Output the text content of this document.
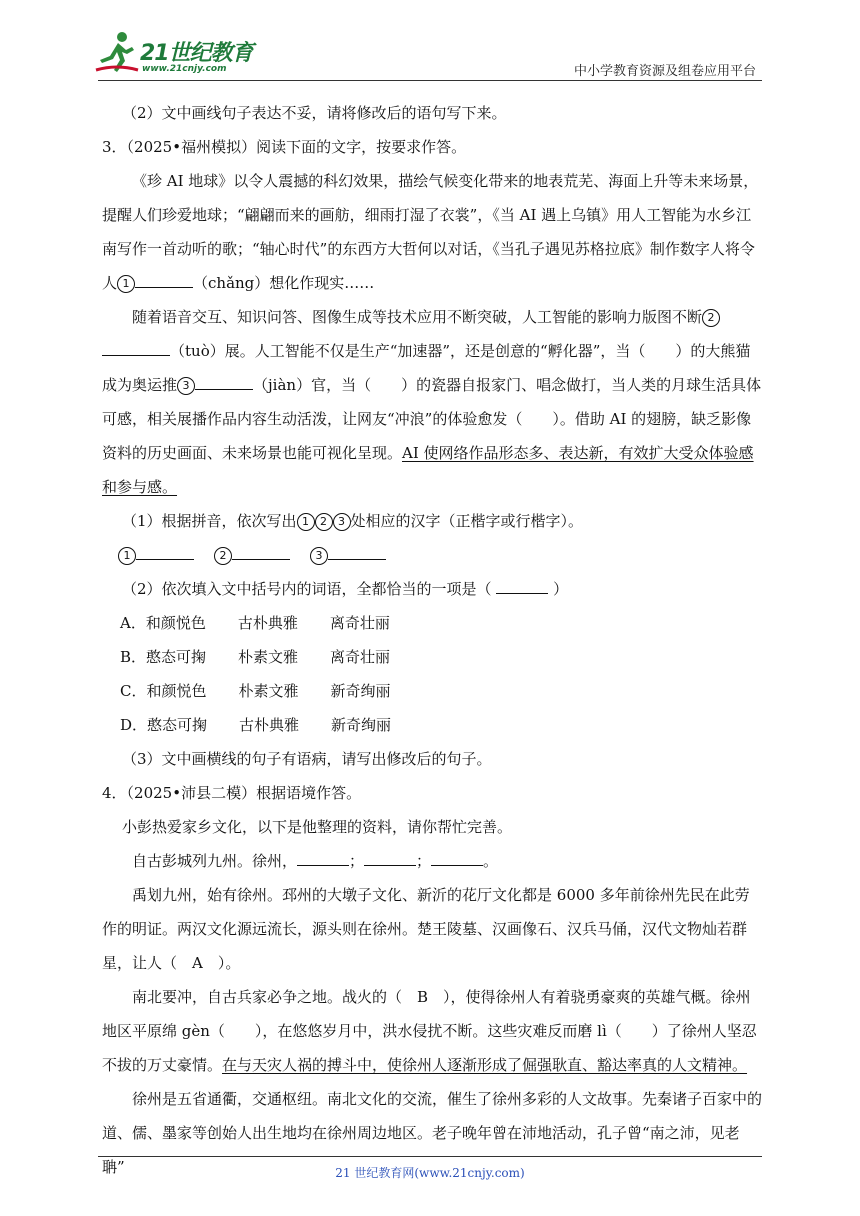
21世纪教育
www.21cnjy.com	中小学教育资源及组卷应用平台

（2）文中画线句子表达不妥，请将修改后的语句写下来。

3．（2025•福州模拟）阅读下面的文字，按要求作答。

《珍 AI 地球》以令人震撼的科幻效果，描绘气候变化带来的地表荒芜、海面上升等未来场景，提醒人们珍爱地球；“翩翩而来的画舫，细雨打湿了衣裳”，《当 AI 遇上乌镇》用人工智能为水乡江南写作一首动听的歌；“轴心时代”的东西方大哲何以对话，《当孔子遇见苏格拉底》制作数字人将令人 1	（chǎng）想化作现实……

随着语音交互、知识问答、图像生成等技术应用不断突破，人工智能的影响力版图不断 2（tuò）展。人工智能不仅是生产“加速器”，还是创意的“孵化器”，当（　　）的大熊猫成为奥运推 3	（jiàn）官，当（　　）的瓷器自报家门、唱念做打，当人类的月球生活具体可感，相关展播作品内容生动活泼，让网友“冲浪”的体验愈发（　　）。借助 AI 的翅膀，缺乏影像资料的历史画面、未来场景也能可视化呈现。AI 使网络作品形态多、表达新，有效扩大受众体验感和参与感。

（1）根据拼音，依次写出 1 2 3 处相应的汉字（正楷字或行楷字）。

1	2	3

（2）依次填入文中括号内的词语，全都恰当的一项是（	）

A．和颜悦色 古朴典雅 离奇壮丽
B．憨态可掬 朴素文雅 离奇壮丽
C．和颜悦色 朴素文雅 新奇绚丽
D．憨态可掬 古朴典雅 新奇绚丽

（3）文中画横线的句子有语病，请写出修改后的句子。

4．（2025•沛县二模）根据语境作答。

小彭热爱家乡文化，以下是他整理的资料，请你帮忙完善。

自古彭城列九州。徐州，	；	；	。

禹划九州，始有徐州。邳州的大墩子文化、新沂的花厅文化都是 6000 多年前徐州先民在此劳作的明证。两汉文化源远流长，源头则在徐州。楚王陵墓、汉画像石、汉兵马俑，汉代文物灿若群星，让人（　A　）。

南北要冲，自古兵家必争之地。战火的（　B　），使得徐州人有着骁勇豪爽的英雄气概。徐州地区平原绵 gèn（　　），在悠悠岁月中，洪水侵扰不断。这些灾难反而磨 lì（　　）了徐州人坚忍不拔的万丈豪情。在与天灾人祸的搏斗中，使徐州人逐渐形成了倔强耿直、豁达率真的人文精神。

徐州是五省通衢，交通枢纽。南北文化的交流，催生了徐州多彩的人文故事。先秦诸子百家中的道、儒、墨家等创始人出生地均在徐州周边地区。老子晚年曾在沛地活动，孔子曾“南之沛，见老聃”	21 世纪教育网(www.21cnjy.com)
